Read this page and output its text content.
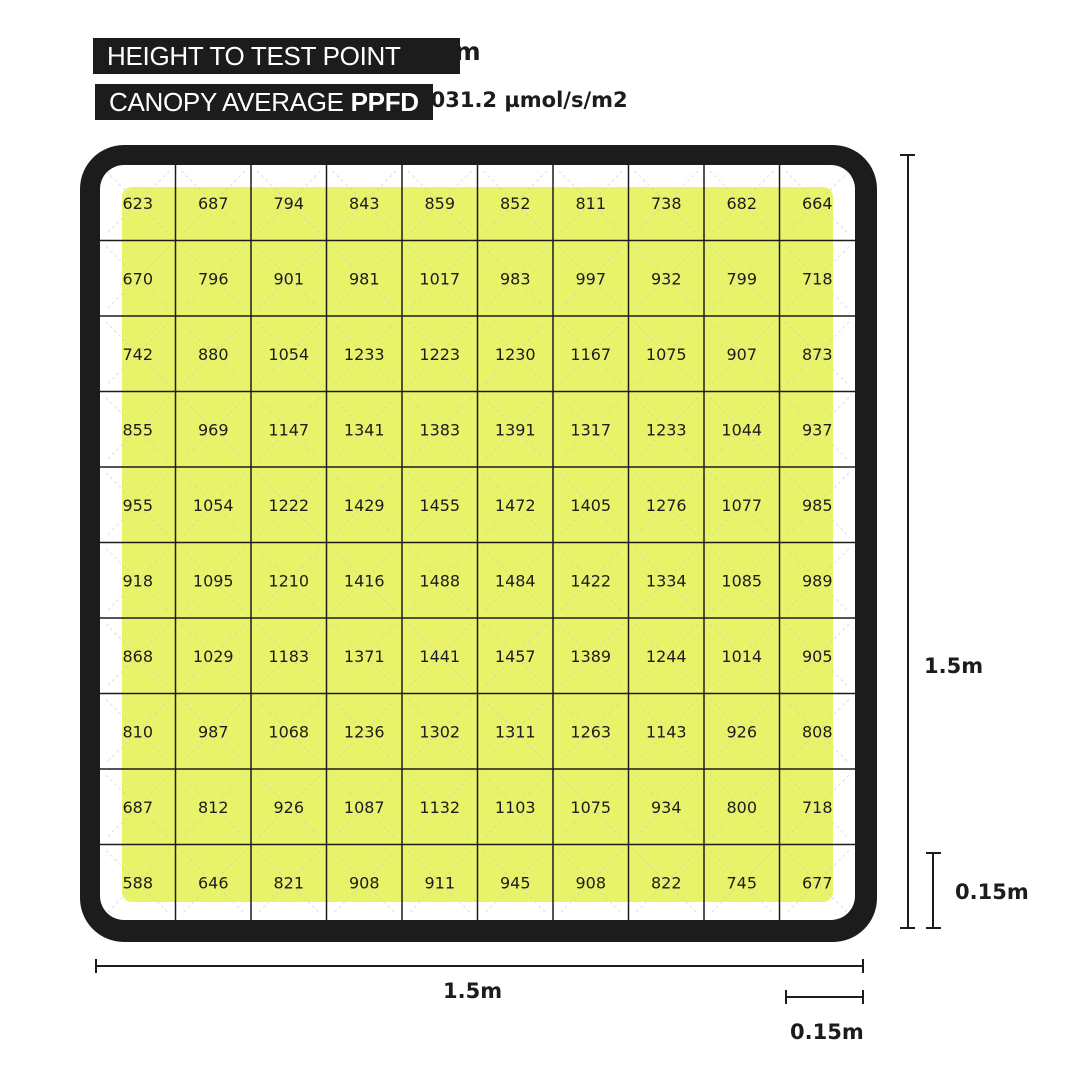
HEIGHT TO TEST POINT 52cm
CANOPY AVERAGE PPFD
1031.2 µmol/s/m2
623	687	794	843	859	852	811	738	682	664
670	796	901	981 1017 983	997	932	799	718
742	880 1054 1233 1223 1230 1167 1075 907	873
855	969 1147 1341 1383 1391 1317 1233 1044 937
955 1054 1222 1429 1455 1472 1405 1276 1077 985
918 1095 1210 1416 1488 1484 1422 1334 1085 989
868 1029 1183 1371 1441 1457 1389 1244 1014 905
810	987 1068 1236 1302 1311 1263 1143 926	808
687	812	926 1087 1132 1103 1075 934	800	718
588	646	821	908	911	945	908	822	745	677
1.5m
0.15m
1.5m
0.15m
